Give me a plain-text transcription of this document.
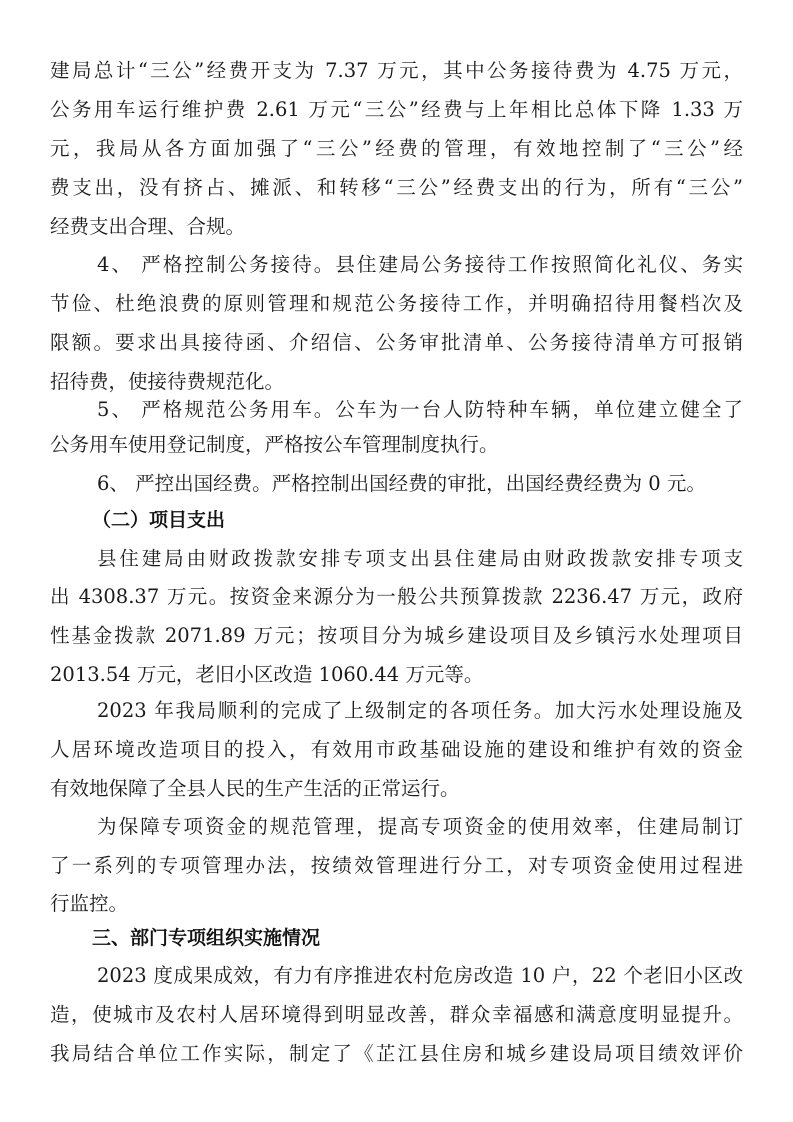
建局总计“三公”经费开支为 7.37 万元，其中公务接待费为 4.75 万元，
公务用车运行维护费 2.61 万元“三公”经费与上年相比总体下降 1.33 万
元，我局从各方面加强了“三公”经费的管理，有效地控制了“三公”经
费支出，没有挤占、摊派、和转移“三公”经费支出的行为，所有“三公”
经费支出合理、合规。
4、 严格控制公务接待。县住建局公务接待工作按照简化礼仪、务实
节俭、杜绝浪费的原则管理和规范公务接待工作，并明确招待用餐档次及
限额。要求出具接待函、介绍信、公务审批清单、公务接待清单方可报销
招待费，使接待费规范化。
5、 严格规范公务用车。公车为一台人防特种车辆，单位建立健全了
公务用车使用登记制度，严格按公车管理制度执行。
6、 严控出国经费。严格控制出国经费的审批，出国经费经费为 0 元。
（二）项目支出
县住建局由财政拨款安排专项支出县住建局由财政拨款安排专项支
出 4308.37 万元。按资金来源分为一般公共预算拨款 2236.47 万元，政府
性基金拨款 2071.89 万元；按项目分为城乡建设项目及乡镇污水处理项目
2013.54 万元，老旧小区改造 1060.44 万元等。
2023 年我局顺利的完成了上级制定的各项任务。加大污水处理设施及
人居环境改造项目的投入，有效用市政基础设施的建设和维护有效的资金
有效地保障了全县人民的生产生活的正常运行。
为保障专项资金的规范管理，提高专项资金的使用效率，住建局制订
了一系列的专项管理办法，按绩效管理进行分工，对专项资金使用过程进
行监控。
三、部门专项组织实施情况
2023 度成果成效，有力有序推进农村危房改造 10 户，22 个老旧小区改
造，使城市及农村人居环境得到明显改善，群众幸福感和满意度明显提升。
我局结合单位工作实际，制定了《芷江县住房和城乡建设局项目绩效评价
